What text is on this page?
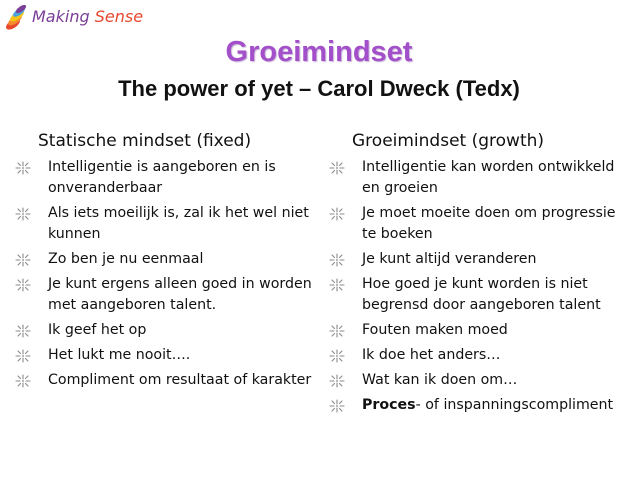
Making Sense
Groeimindset
The power of yet – Carol Dweck (Tedx)
Statische mindset (fixed)
Intelligentie is aangeboren en is onveranderbaar
Als iets moeilijk is, zal ik het wel niet kunnen
Zo ben je nu eenmaal
Je kunt ergens alleen goed in worden met aangeboren talent.
Ik geef het op
Het lukt me nooit….
Compliment om resultaat of karakter
Groeimindset (growth)
Intelligentie kan worden ontwikkeld en groeien
Je moet moeite doen om progressie te boeken
Je kunt altijd veranderen
Hoe goed je kunt worden is niet begrensd door aangeboren talent
Fouten maken moed
Ik doe het anders…
Wat kan ik doen om…
Proces- of inspanningscompliment
